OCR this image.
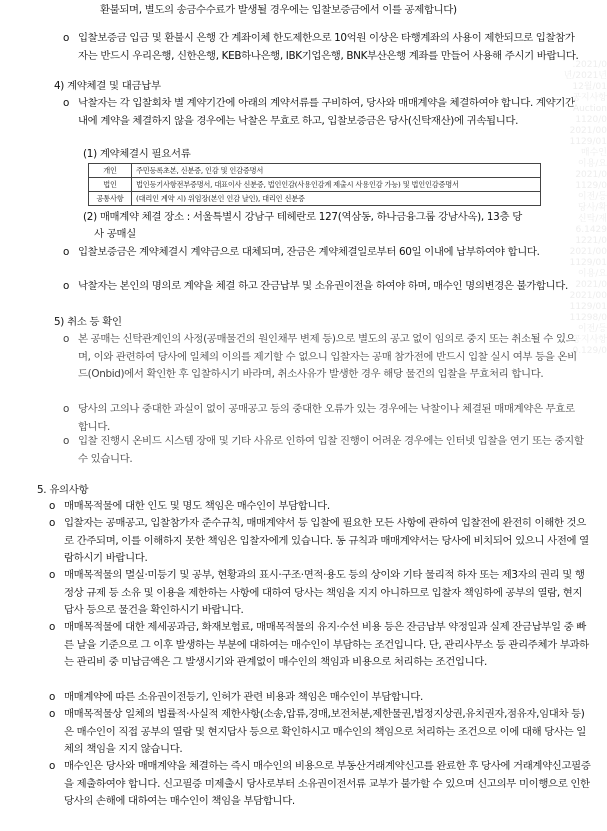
.2021/0
년/2021년
12월/01
공지사항
Auction
1120/0
2021/00
1129/01
매수인
이용/요
2021/0
1129/0
이전/등
당사/확
신탁/재
6.1429
1221/0
2021/00
1129/01
이용/요
2021/0
2021/00
1129/01
11298/0
이전/등
공지사항
0.129/0
환불되며, 별도의 송금수수료가 발생될 경우에는 입찰보증금에서 이를 공제합니다)
o 입찰보증금 입금 및 환불시 은행 간 계좌이체 한도제한으로 10억원 이상은 타행계좌의 사용이 제한되므로 입찰참가자는 반드시 우리은행, 신한은행, KEB하나은행, IBK기업은행, BNK부산은행 계좌를 만들어 사용해 주시기 바랍니다.
4) 계약체결 및 대금납부
o 낙찰자는 각 입찰회차 별 계약기간에 아래의 계약서류를 구비하여, 당사와 매매계약을 체결하여야 합니다. 계약기간 내에 계약을 체결하지 않을 경우에는 낙찰은 무효로 하고, 입찰보증금은 당사(신탁재산)에 귀속됩니다.
(1) 계약체결시 필요서류
개인	주민등록초본, 신분증, 인감 및 인감증명서
법인	법인등기사항전부증명서, 대표이사 신분증, 법인인감(사용인감계 제출시 사용인감 가능) 및 법인인감증명서
공통사항	(대리인 계약 시) 위임장(본인 인감 날인), 대리인 신분증
(2) 매매계약 체결 장소 : 서울특별시 강남구 테헤란로 127(역삼동, 하나금융그룹 강남사옥), 13층 당
사 공매실
o 입찰보증금은 계약체결시 계약금으로 대체되며, 잔금은 계약체결일로부터 60일 이내에 납부하여야 합니다.
o 낙찰자는 본인의 명의로 계약을 체결 하고 잔금납부 및 소유권이전을 하여야 하며, 매수인 명의변경은 불가합니다.
5) 취소 등 확인
o 본 공매는 신탁관계인의 사정(공매물건의 원인채무 변제 등)으로 별도의 공고 없이 임의로 중지 또는 취소될 수 있으며, 이와 관련하여 당사에 일체의 이의를 제기할 수 없으니 입찰자는 공매 참가전에 반드시 입찰 실시 여부 등을 온비드(Onbid)에서 확인한 후 입찰하시기 바라며, 취소사유가 발생한 경우 해당 물건의 입찰을 무효처리 합니다.
o 당사의 고의나 중대한 과실이 없이 공매공고 등의 중대한 오류가 있는 경우에는 낙찰이나 체결된 매매계약은 무효로 합니다.
o 입찰 진행시 온비드 시스템 장애 및 기타 사유로 인하여 입찰 진행이 어려운 경우에는 인터넷 입찰을 연기 또는 중지할 수 있습니다.
5. 유의사항
o 매매목적물에 대한 인도 및 명도 책임은 매수인이 부담합니다.
o 입찰자는 공매공고, 입찰참가자 준수규칙, 매매계약서 등 입찰에 필요한 모든 사항에 관하여 입찰전에 완전히 이해한 것으로 간주되며, 이를 이해하지 못한 책임은 입찰자에게 있습니다. 동 규칙과 매매계약서는 당사에 비치되어 있으니 사전에 열람하시기 바랍니다.
o 매매목적물의 멸실·미등기 및 공부, 현황과의 표시·구조·면적·용도 등의 상이와 기타 물리적 하자 또는 제3자의 권리 및 행정상 규제 등 소유 및 이용을 제한하는 사항에 대하여 당사는 책임을 지지 아니하므로 입찰자 책임하에 공부의 열람, 현지 답사 등으로 물건을 확인하시기 바랍니다.
o 매매목적물에 대한 제세공과금, 화재보험료, 매매목적물의 유지·수선 비용 등은 잔금납부 약정일과 실제 잔금납부일 중 빠른 날을 기준으로 그 이후 발생하는 부분에 대하여는 매수인이 부담하는 조건입니다. 단, 관리사무소 등 관리주체가 부과하는 관리비 중 미납금액은 그 발생시기와 관계없이 매수인의 책임과 비용으로 처리하는 조건입니다.
o 매매계약에 따른 소유권이전등기, 인허가 관련 비용과 책임은 매수인이 부담합니다.
o 매매목적물상 일체의 법률적·사실적 제한사항(소송,압류,경매,보전처분,제한물권,법정지상권,유치권자,점유자,임대차 등)은 매수인이 직접 공부의 열람 및 현지답사 등으로 확인하시고 매수인의 책임으로 처리하는 조건으로 이에 대해 당사는 일체의 책임을 지지 않습니다.
o 매수인은 당사와 매매계약을 체결하는 즉시 매수인의 비용으로 부동산거래계약신고를 완료한 후 당사에 거래계약신고필증을 제출하여야 합니다. 신고필증 미제출시 당사로부터 소유권이전서류 교부가 불가할 수 있으며 신고의무 미이행으로 인한 당사의 손해에 대하여는 매수인이 책임을 부담합니다.
